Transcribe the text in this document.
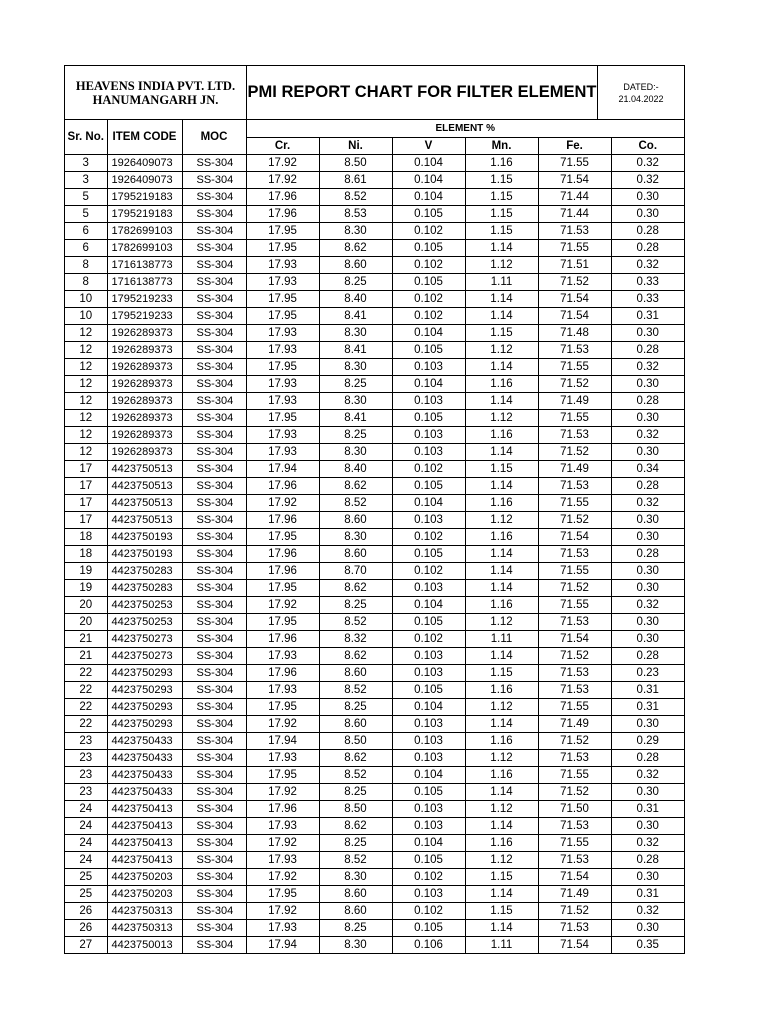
HEAVENS INDIA PVT. LTD.
HANUMANGARH JN. PMI REPORT CHART FOR FILTER ELEMENT	DATED:-
21.04.2022
Sr. No.	ITEM CODE	MOC	ELEMENT %					
			Cr.	Ni.	V	Mn.	Fe.	Co.
3	1926409073	SS-304	17.92	8.50	0.104	1.16	71.55	0.32
3	1926409073	SS-304	17.92	8.61	0.104	1.15	71.54	0.32
5	1795219183	SS-304	17.96	8.52	0.104	1.15	71.44	0.30
5	1795219183	SS-304	17.96	8.53	0.105	1.15	71.44	0.30
6	1782699103	SS-304	17.95	8.30	0.102	1.15	71.53	0.28
6	1782699103	SS-304	17.95	8.62	0.105	1.14	71.55	0.28
8	1716138773	SS-304	17.93	8.60	0.102	1.12	71.51	0.32
8	1716138773	SS-304	17.93	8.25	0.105	1.11	71.52	0.33
10	1795219233	SS-304	17.95	8.40	0.102	1.14	71.54	0.33
10	1795219233	SS-304	17.95	8.41	0.102	1.14	71.54	0.31
12	1926289373	SS-304	17.93	8.30	0.104	1.15	71.48	0.30
12	1926289373	SS-304	17.93	8.41	0.105	1.12	71.53	0.28
12	1926289373	SS-304	17.95	8.30	0.103	1.14	71.55	0.32
12	1926289373	SS-304	17.93	8.25	0.104	1.16	71.52	0.30
12	1926289373	SS-304	17.93	8.30	0.103	1.14	71.49	0.28
12	1926289373	SS-304	17.95	8.41	0.105	1.12	71.55	0.30
12	1926289373	SS-304	17.93	8.25	0.103	1.16	71.53	0.32
12	1926289373	SS-304	17.93	8.30	0.103	1.14	71.52	0.30
17	4423750513	SS-304	17.94	8.40	0.102	1.15	71.49	0.34
17	4423750513	SS-304	17.96	8.62	0.105	1.14	71.53	0.28
17	4423750513	SS-304	17.92	8.52	0.104	1.16	71.55	0.32
17	4423750513	SS-304	17.96	8.60	0.103	1.12	71.52	0.30
18	4423750193	SS-304	17.95	8.30	0.102	1.16	71.54	0.30
18	4423750193	SS-304	17.96	8.60	0.105	1.14	71.53	0.28
19	4423750283	SS-304	17.96	8.70	0.102	1.14	71.55	0.30
19	4423750283	SS-304	17.95	8.62	0.103	1.14	71.52	0.30
20	4423750253	SS-304	17.92	8.25	0.104	1.16	71.55	0.32
20	4423750253	SS-304	17.95	8.52	0.105	1.12	71.53	0.30
21	4423750273	SS-304	17.96	8.32	0.102	1.11	71.54	0.30
21	4423750273	SS-304	17.93	8.62	0.103	1.14	71.52	0.28
22	4423750293	SS-304	17.96	8.60	0.103	1.15	71.53	0.23
22	4423750293	SS-304	17.93	8.52	0.105	1.16	71.53	0.31
22	4423750293	SS-304	17.95	8.25	0.104	1.12	71.55	0.31
22	4423750293	SS-304	17.92	8.60	0.103	1.14	71.49	0.30
23	4423750433	SS-304	17.94	8.50	0.103	1.16	71.52	0.29
23	4423750433	SS-304	17.93	8.62	0.103	1.12	71.53	0.28
23	4423750433	SS-304	17.95	8.52	0.104	1.16	71.55	0.32
23	4423750433	SS-304	17.92	8.25	0.105	1.14	71.52	0.30
24	4423750413	SS-304	17.96	8.50	0.103	1.12	71.50	0.31
24	4423750413	SS-304	17.93	8.62	0.103	1.14	71.53	0.30
24	4423750413	SS-304	17.92	8.25	0.104	1.16	71.55	0.32
24	4423750413	SS-304	17.93	8.52	0.105	1.12	71.53	0.28
25	4423750203	SS-304	17.92	8.30	0.102	1.15	71.54	0.30
25	4423750203	SS-304	17.95	8.60	0.103	1.14	71.49	0.31
26	4423750313	SS-304	17.92	8.60	0.102	1.15	71.52	0.32
26	4423750313	SS-304	17.93	8.25	0.105	1.14	71.53	0.30
27	4423750013	SS-304	17.94	8.30	0.106	1.11	71.54	0.35
